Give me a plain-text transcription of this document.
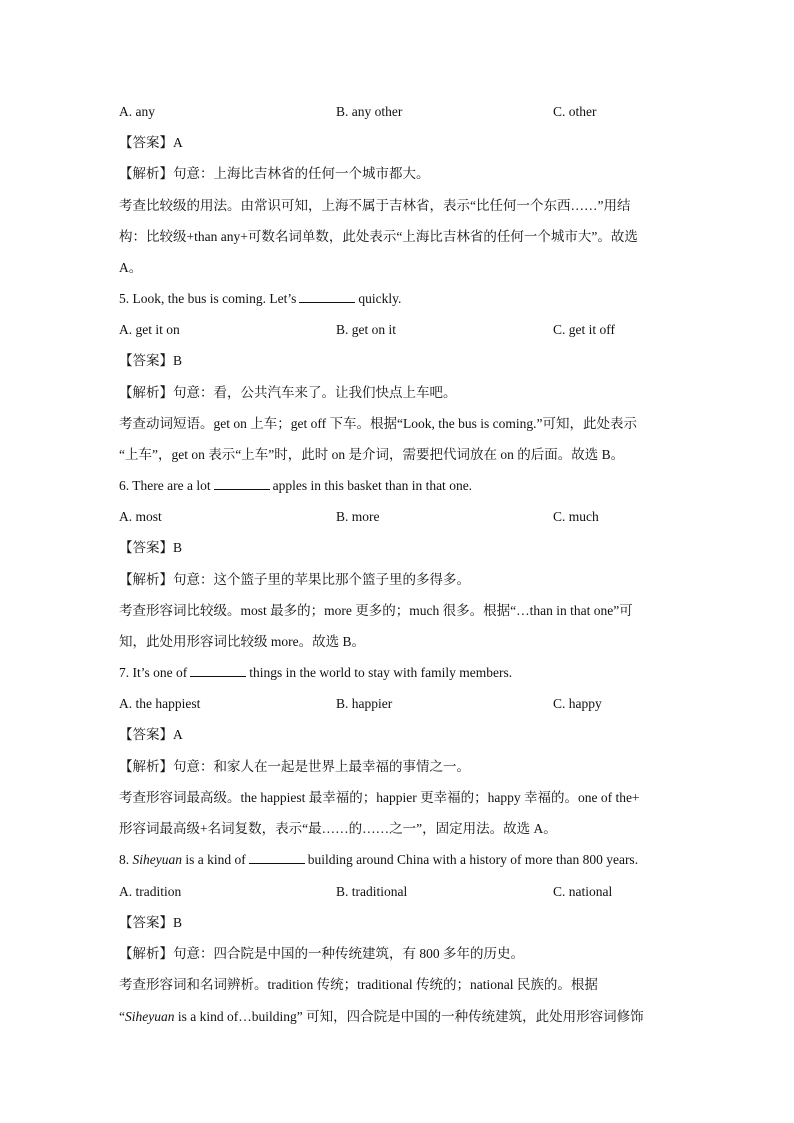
A. any	B. any other	C. other
【答案】A
【解析】句意：上海比吉林省的任何一个城市都大。
考查比较级的用法。由常识可知，上海不属于吉林省，表示“比任何一个东西……”用结
构：比较级+than any+可数名词单数，此处表示“上海比吉林省的任何一个城市大”。故选
A。
5. Look, the bus is coming. Let’s	quickly.
A. get it on	B. get on it	C. get it off
【答案】B
【解析】句意：看，公共汽车来了。让我们快点上车吧。
考查动词短语。get on 上车；get off 下车。根据“Look, the bus is coming.”可知，此处表示
“上车”，get on 表示“上车”时，此时 on 是介词，需要把代词放在 on 的后面。故选 B。
6. There are a lot	apples in this basket than in that one.
A. most	B. more	C. much
【答案】B
【解析】句意：这个篮子里的苹果比那个篮子里的多得多。
考查形容词比较级。most 最多的；more 更多的；much 很多。根据“…than in that one”可
知，此处用形容词比较级 more。故选 B。
7. It’s one of	things in the world to stay with family members.
A. the happiest	B. happier	C. happy
【答案】A
【解析】句意：和家人在一起是世界上最幸福的事情之一。
考查形容词最高级。the happiest 最幸福的；happier 更幸福的；happy 幸福的。one of the+
形容词最高级+名词复数，表示“最……的……之一”，固定用法。故选 A。
8. Siheyuan is a kind of	building around China with a history of more than 800 years.
A. tradition	B. traditional	C. national
【答案】B
【解析】句意：四合院是中国的一种传统建筑，有 800 多年的历史。
考查形容词和名词辨析。tradition 传统；traditional 传统的；national 民族的。根据
“Siheyuan is a kind of…building” 可知，四合院是中国的一种传统建筑，此处用形容词修饰
